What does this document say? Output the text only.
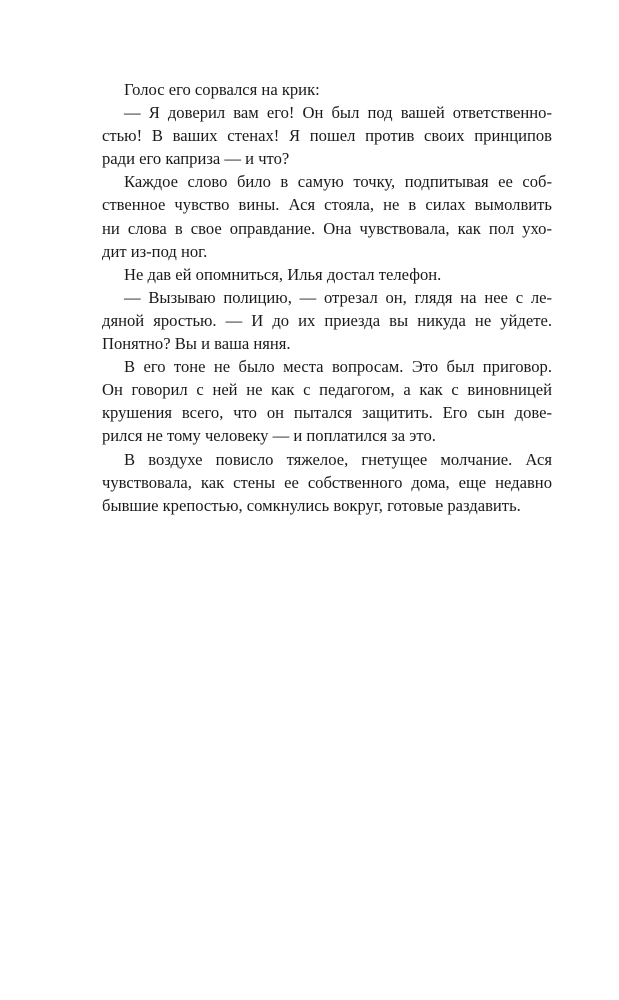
Голос его сорвался на крик:
— Я доверил вам его! Он был под вашей ответственно-
стью! В ваших стенах! Я пошел против своих принципов
ради его каприза — и что?
Каждое слово било в самую точку, подпитывая ее соб-
ственное чувство вины. Ася стояла, не в силах вымолвить
ни слова в свое оправдание. Она чувствовала, как пол ухо-
дит из-под ног.
Не дав ей опомниться, Илья достал телефон.
— Вызываю полицию, — отрезал он, глядя на нее с ле-
дяной яростью. — И до их приезда вы никуда не уйдете.
Понятно? Вы и ваша няня.
В его тоне не было места вопросам. Это был приговор.
Он говорил с ней не как с педагогом, а как с виновницей
крушения всего, что он пытался защитить. Его сын дове-
рился не тому человеку — и поплатился за это.
В воздухе повисло тяжелое, гнетущее молчание. Ася
чувствовала, как стены ее собственного дома, еще недавно
бывшие крепостью, сомкнулись вокруг, готовые раздавить.
